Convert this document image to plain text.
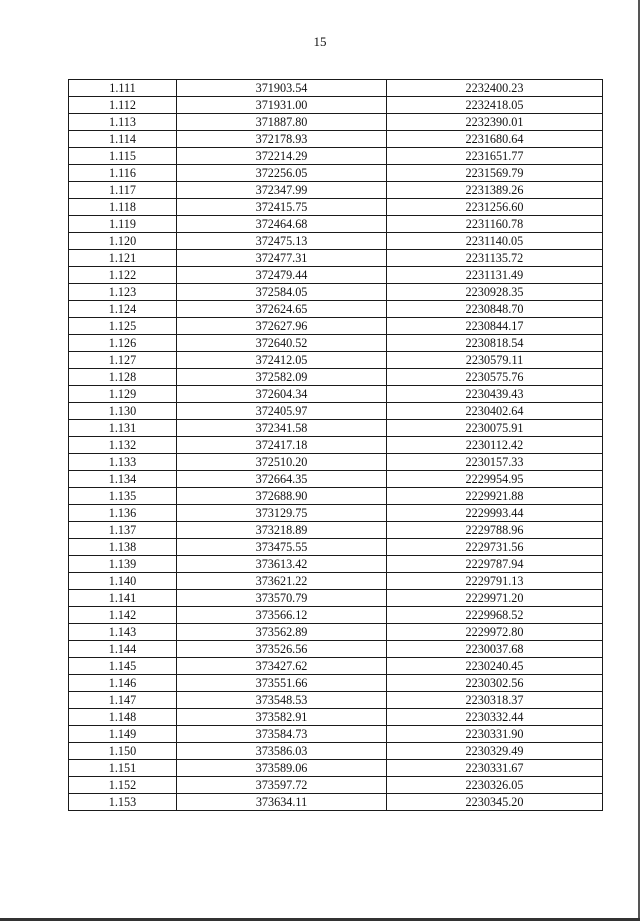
15
1.111	371903.54	2232400.23
1.112	371931.00	2232418.05
1.113	371887.80	2232390.01
1.114	372178.93	2231680.64
1.115	372214.29	2231651.77
1.116	372256.05	2231569.79
1.117	372347.99	2231389.26
1.118	372415.75	2231256.60
1.119	372464.68	2231160.78
1.120	372475.13	2231140.05
1.121	372477.31	2231135.72
1.122	372479.44	2231131.49
1.123	372584.05	2230928.35
1.124	372624.65	2230848.70
1.125	372627.96	2230844.17
1.126	372640.52	2230818.54
1.127	372412.05	2230579.11
1.128	372582.09	2230575.76
1.129	372604.34	2230439.43
1.130	372405.97	2230402.64
1.131	372341.58	2230075.91
1.132	372417.18	2230112.42
1.133	372510.20	2230157.33
1.134	372664.35	2229954.95
1.135	372688.90	2229921.88
1.136	373129.75	2229993.44
1.137	373218.89	2229788.96
1.138	373475.55	2229731.56
1.139	373613.42	2229787.94
1.140	373621.22	2229791.13
1.141	373570.79	2229971.20
1.142	373566.12	2229968.52
1.143	373562.89	2229972.80
1.144	373526.56	2230037.68
1.145	373427.62	2230240.45
1.146	373551.66	2230302.56
1.147	373548.53	2230318.37
1.148	373582.91	2230332.44
1.149	373584.73	2230331.90
1.150	373586.03	2230329.49
1.151	373589.06	2230331.67
1.152	373597.72	2230326.05
1.153	373634.11	2230345.20
